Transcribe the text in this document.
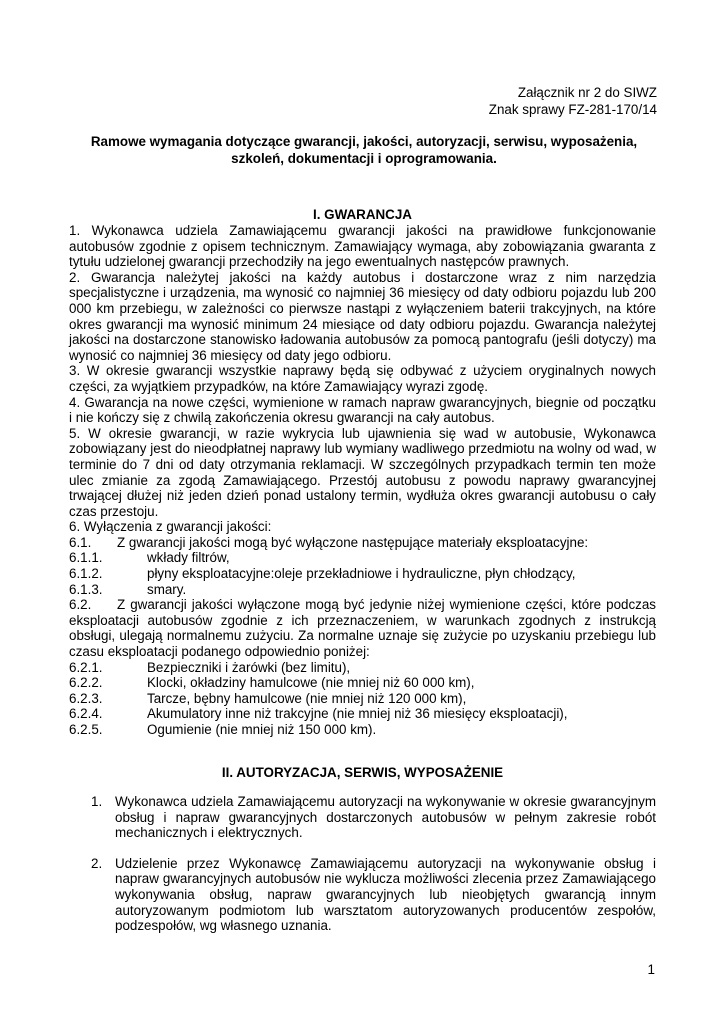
Załącznik nr 2 do SIWZ
Znak sprawy FZ-281-170/14
Ramowe wymagania dotyczące gwarancji, jakości, autoryzacji, serwisu, wyposażenia,
szkoleń, dokumentacji i oprogramowania.
I. GWARANCJA

1. Wykonawca udziela Zamawiającemu gwarancji jakości na prawidłowe funkcjonowanie autobusów zgodnie z opisem technicznym. Zamawiający wymaga, aby zobowiązania gwaranta z tytułu udzielonej gwarancji przechodziły na jego ewentualnych następców prawnych.

2. Gwarancja należytej jakości na każdy autobus i dostarczone wraz z nim narzędzia specjalistyczne i urządzenia, ma wynosić co najmniej 36 miesięcy od daty odbioru pojazdu lub 200 000 km przebiegu, w zależności co pierwsze nastąpi z wyłączeniem baterii trakcyjnych, na które okres gwarancji ma wynosić minimum 24 miesiące od daty odbioru pojazdu. Gwarancja należytej jakości na dostarczone stanowisko ładowania autobusów za pomocą pantografu (jeśli dotyczy) ma wynosić co najmniej 36 miesięcy od daty jego odbioru.

3. W okresie gwarancji wszystkie naprawy będą się odbywać z użyciem oryginalnych nowych części, za wyjątkiem przypadków, na które Zamawiający wyrazi zgodę.

4. Gwarancja na nowe części, wymienione w ramach napraw gwarancyjnych, biegnie od początku i nie kończy się z chwilą zakończenia okresu gwarancji na cały autobus.

5. W okresie gwarancji, w razie wykrycia lub ujawnienia się wad w autobusie, Wykonawca zobowiązany jest do nieodpłatnej naprawy lub wymiany wadliwego przedmiotu na wolny od wad, w terminie do 7 dni od daty otrzymania reklamacji. W szczególnych przypadkach termin ten może ulec zmianie za zgodą Zamawiającego. Przestój autobusu z powodu naprawy gwarancyjnej trwającej dłużej niż jeden dzień ponad ustalony termin, wydłuża okres gwarancji autobusu o cały czas przestoju.

6. Wyłączenia z gwarancji jakości:

6.1.	Z gwarancji jakości mogą być wyłączone następujące materiały eksploatacyjne:
6.1.1.	wkłady filtrów,
6.1.2.	płyny eksploatacyjne:oleje przekładniowe i hydrauliczne, płyn chłodzący,
6.1.3.	smary.

6.2. Z gwarancji jakości wyłączone mogą być jedynie niżej wymienione części, które podczas eksploatacji autobusów zgodnie z ich przeznaczeniem, w warunkach zgodnych z instrukcją obsługi, ulegają normalnemu zużyciu. Za normalne uznaje się zużycie po uzyskaniu przebiegu lub czasu eksploatacji podanego odpowiednio poniżej:

6.2.1.	Bezpieczniki i żarówki (bez limitu),
6.2.2.	Klocki, okładziny hamulcowe (nie mniej niż 60 000 km),
6.2.3.	Tarcze, bębny hamulcowe (nie mniej niż 120 000 km),
6.2.4.	Akumulatory inne niż trakcyjne (nie mniej niż 36 miesięcy eksploatacji),
6.2.5.	Ogumienie (nie mniej niż 150 000 km).
II. AUTORYZACJA, SERWIS, WYPOSAŻENIE
1. Wykonawca udziela Zamawiającemu autoryzacji na wykonywanie w okresie gwarancyjnym obsług i napraw gwarancyjnych dostarczonych autobusów w pełnym zakresie robót mechanicznych i elektrycznych.
2. Udzielenie przez Wykonawcę Zamawiającemu autoryzacji na wykonywanie obsług i napraw gwarancyjnych autobusów nie wyklucza możliwości zlecenia przez Zamawiającego wykonywania obsług, napraw gwarancyjnych lub nieobjętych gwarancją innym autoryzowanym podmiotom lub warsztatom autoryzowanych producentów zespołów, podzespołów, wg własnego uznania.
1
